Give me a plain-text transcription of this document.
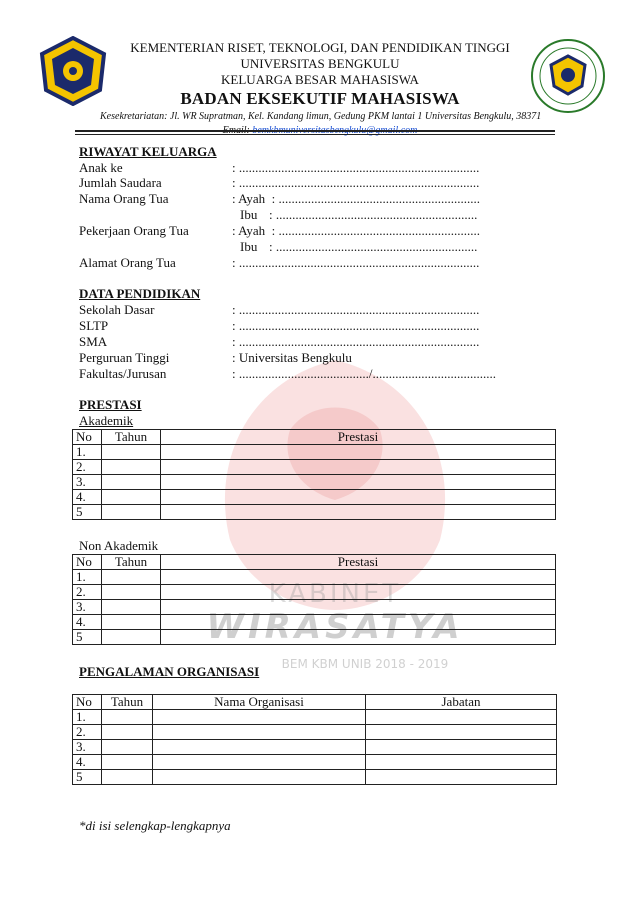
KEMENTERIAN RISET, TEKNOLOGI, DAN PENDIDIKAN TINGGI
UNIVERSITAS BENGKULU
KELUARGA BESAR MAHASISWA
BADAN EKSEKUTIF MAHASISWA
Kesekretariatan: Jl. WR Supratman, Kel. Kandang limun, Gedung PKM lantai 1 Universitas Bengkulu, 38371
Email: bemkbmuniversitasbengkulu@gmail.com
KABINET
WIRASATYA
BEM KBM UNIB 2018 - 2019
RIWAYAT KELUARGA
Anak ke	: ..........................................................................
Jumlah Saudara	: ..........................................................................
Nama Orang Tua	: Ayah : ..............................................................
Ibu : ..............................................................
Pekerjaan Orang Tua	: Ayah : ..............................................................
Ibu : ..............................................................
Alamat Orang Tua	: ..........................................................................
DATA PENDIDIKAN
Sekolah Dasar	: ..........................................................................
SLTP	: ..........................................................................
SMA	: ..........................................................................
Perguruan Tinggi	: Universitas Bengkulu
Fakultas/Jurusan	: ......................................../......................................
PRESTASI
Akademik
No	Tahun	Prestasi
1.		
2.		
3.		
4.		
5		
Non Akademik
No	Tahun	Prestasi
1.		
2.		
3.		
4.		
5		
PENGALAMAN ORGANISASI
No	Tahun	Nama Organisasi	Jabatan
1.			
2.			
3.			
4.			
5			
*di isi selengkap-lengkapnya
